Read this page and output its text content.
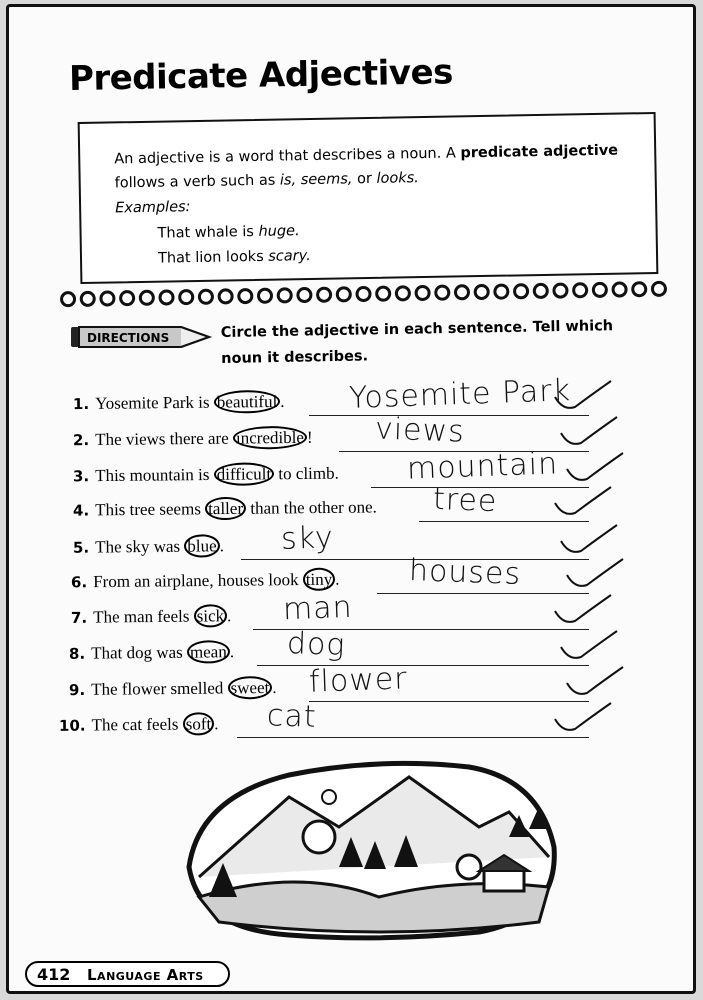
Predicate Adjectives

An adjective is a word that describes a noun. A predicate adjective

follows a verb such as is, seems, or looks.

Examples:

That whale is huge.

That lion looks scary.

DIRECTIONS	Circle the adjective in each sentence. Tell which noun it describes.
1. Yosemite Park is beautiful . Yosemite Park
2. The views there are incredible ! views
3. This mountain is difficult to climb. mountain
4. This tree seems taller than the other one. tree
5. The sky was blue . sky
6. From an airplane, houses look tiny . houses
7. The man feels sick . man
8. That dog was mean . dog
9. The flower smelled sweet . flower
10. The cat feels soft . cat
412 Language Arts
